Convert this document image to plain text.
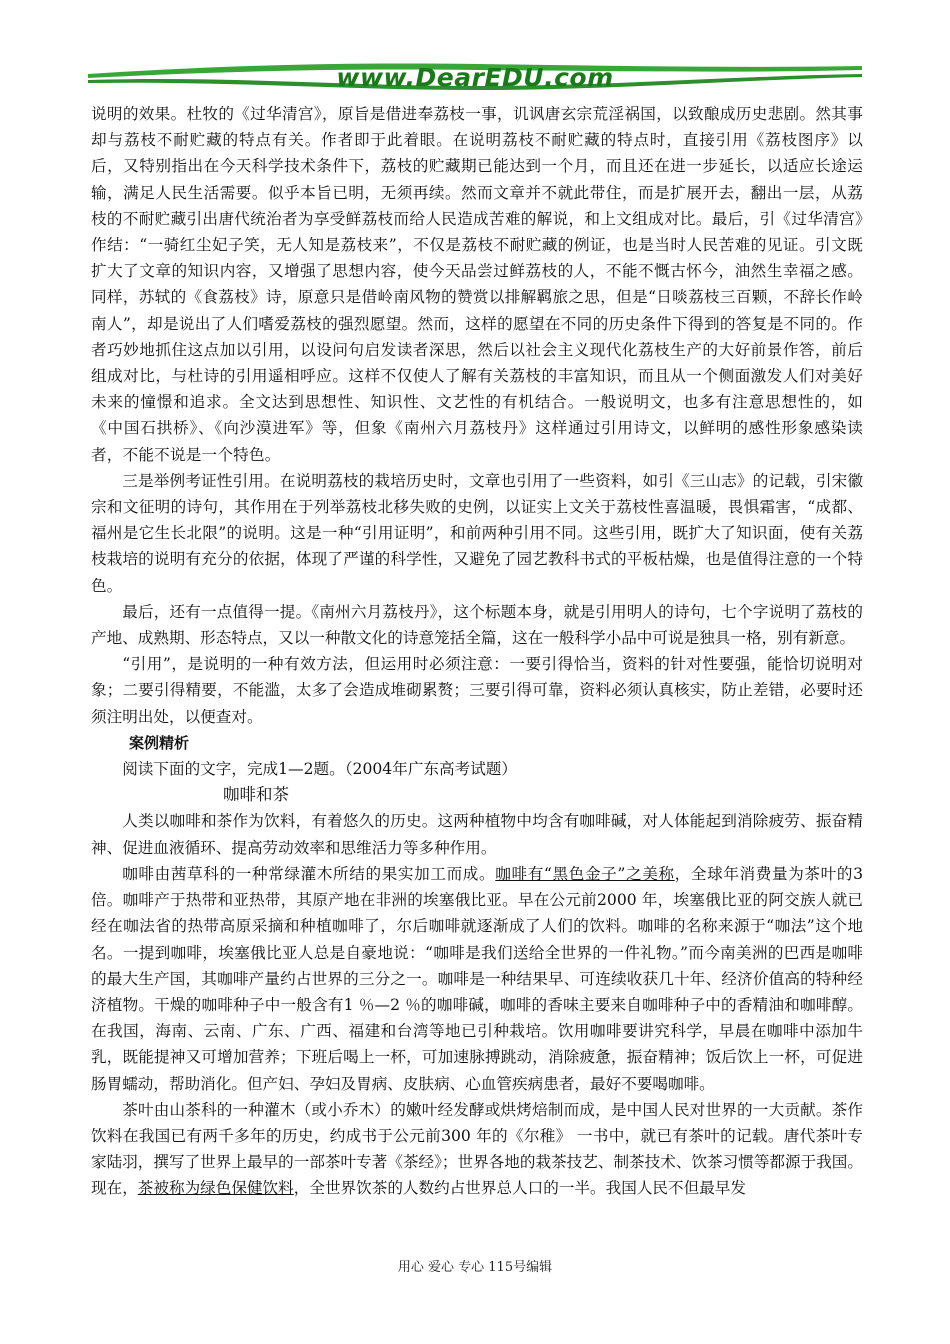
www.DearEDU.com

说明的效果。杜牧的《过华清宫》，原旨是借进奉荔枝一事，讥讽唐玄宗荒淫祸国，以致酿成历史悲剧。然其事却与荔枝不耐贮藏的特点有关。作者即于此着眼。在说明荔枝不耐贮藏的特点时，直接引用《荔枝图序》以后，又特别指出在今天科学技术条件下，荔枝的贮藏期已能达到一个月，而且还在进一步延长，以适应长途运输，满足人民生活需要。似乎本旨已明，无须再续。然而文章并不就此带住，而是扩展开去，翻出一层，从荔枝的不耐贮藏引出唐代统治者为享受鲜荔枝而给人民造成苦难的解说，和上文组成对比。最后，引《过华清宫》作结：“一骑红尘妃子笑，无人知是荔枝来”，不仅是荔枝不耐贮藏的例证，也是当时人民苦难的见证。引文既扩大了文章的知识内容，又增强了思想内容，使今天品尝过鲜荔枝的人，不能不慨古怀今，油然生幸福之感。同样，苏轼的《食荔枝》诗，原意只是借岭南风物的赞赏以排解羁旅之思，但是“日啖荔枝三百颗，不辞长作岭南人”，却是说出了人们嗜爱荔枝的强烈愿望。然而，这样的愿望在不同的历史条件下得到的答复是不同的。作者巧妙地抓住这点加以引用，以设问句启发读者深思，然后以社会主义现代化荔枝生产的大好前景作答，前后组成对比，与杜诗的引用遥相呼应。这样不仅使人了解有关荔枝的丰富知识，而且从一个侧面激发人们对美好未来的憧憬和追求。全文达到思想性、知识性、文艺性的有机结合。一般说明文，也多有注意思想性的，如《中国石拱桥》、《向沙漠进军》等，但象《南州六月荔枝丹》这样通过引用诗文，以鲜明的感性形象感染读者，不能不说是一个特色。

三是举例考证性引用。在说明荔枝的栽培历史时，文章也引用了一些资料，如引《三山志》的记载，引宋徽宗和文征明的诗句，其作用在于列举荔枝北移失败的史例，以证实上文关于荔枝性喜温暖，畏惧霜害，“成都、福州是它生长北限”的说明。这是一种“引用证明”，和前两种引用不同。这些引用，既扩大了知识面，使有关荔枝栽培的说明有充分的依据，体现了严谨的科学性，又避免了园艺教科书式的平板枯燥，也是值得注意的一个特色。

最后，还有一点值得一提。《南州六月荔枝丹》，这个标题本身，就是引用明人的诗句，七个字说明了荔枝的产地、成熟期、形态特点，又以一种散文化的诗意笼括全篇，这在一般科学小品中可说是独具一格，别有新意。

“引用”，是说明的一种有效方法，但运用时必须注意：一要引得恰当，资料的针对性要强，能恰切说明对象；二要引得精要，不能滥，太多了会造成堆砌累赘；三要引得可靠，资料必须认真核实，防止差错，必要时还须注明出处，以便查对。

案例精析

阅读下面的文字，完成1—2题。（2004年广东高考试题）

咖啡和茶

人类以咖啡和茶作为饮料，有着悠久的历史。这两种植物中均含有咖啡碱，对人体能起到消除疲劳、振奋精神、促进血液循环、提高劳动效率和思维活力等多种作用。

咖啡由茜草科的一种常绿灌木所结的果实加工而成。咖啡有“黑色金子”之美称，全球年消费量为茶叶的3 倍。咖啡产于热带和亚热带，其原产地在非洲的埃塞俄比亚。早在公元前2000 年，埃塞俄比亚的阿交族人就已经在咖法省的热带高原采摘和种植咖啡了，尔后咖啡就逐渐成了人们的饮料。咖啡的名称来源于“咖法”这个地名。一提到咖啡，埃塞俄比亚人总是自豪地说：“咖啡是我们送给全世界的一件礼物。”而今南美洲的巴西是咖啡的最大生产国，其咖啡产量约占世界的三分之一。咖啡是一种结果早、可连续收获几十年、经济价值高的特种经济植物。干燥的咖啡种子中一般含有1 ％—2 ％的咖啡碱，咖啡的香味主要来自咖啡种子中的香精油和咖啡醇。在我国，海南、云南、广东、广西、福建和台湾等地已引种栽培。饮用咖啡要讲究科学，早晨在咖啡中添加牛乳，既能提神又可增加营养；下班后喝上一杯，可加速脉搏跳动，消除疲惫，振奋精神；饭后饮上一杯，可促进肠胃蠕动，帮助消化。但产妇、孕妇及胃病、皮肤病、心血管疾病患者，最好不要喝咖啡。

茶叶由山茶科的一种灌木（或小乔木）的嫩叶经发酵或烘烤焙制而成，是中国人民对世界的一大贡献。茶作饮料在我国已有两千多年的历史，约成书于公元前300 年的《尔稚》 一书中，就已有茶叶的记载。唐代茶叶专家陆羽，撰写了世界上最早的一部茶叶专著《茶经》；世界各地的栽茶技艺、制茶技术、饮茶习惯等都源于我国。现在，茶被称为绿色保健饮料，全世界饮茶的人数约占世界总人口的一半。我国人民不但最早发

用心 爱心 专心 115号编辑
